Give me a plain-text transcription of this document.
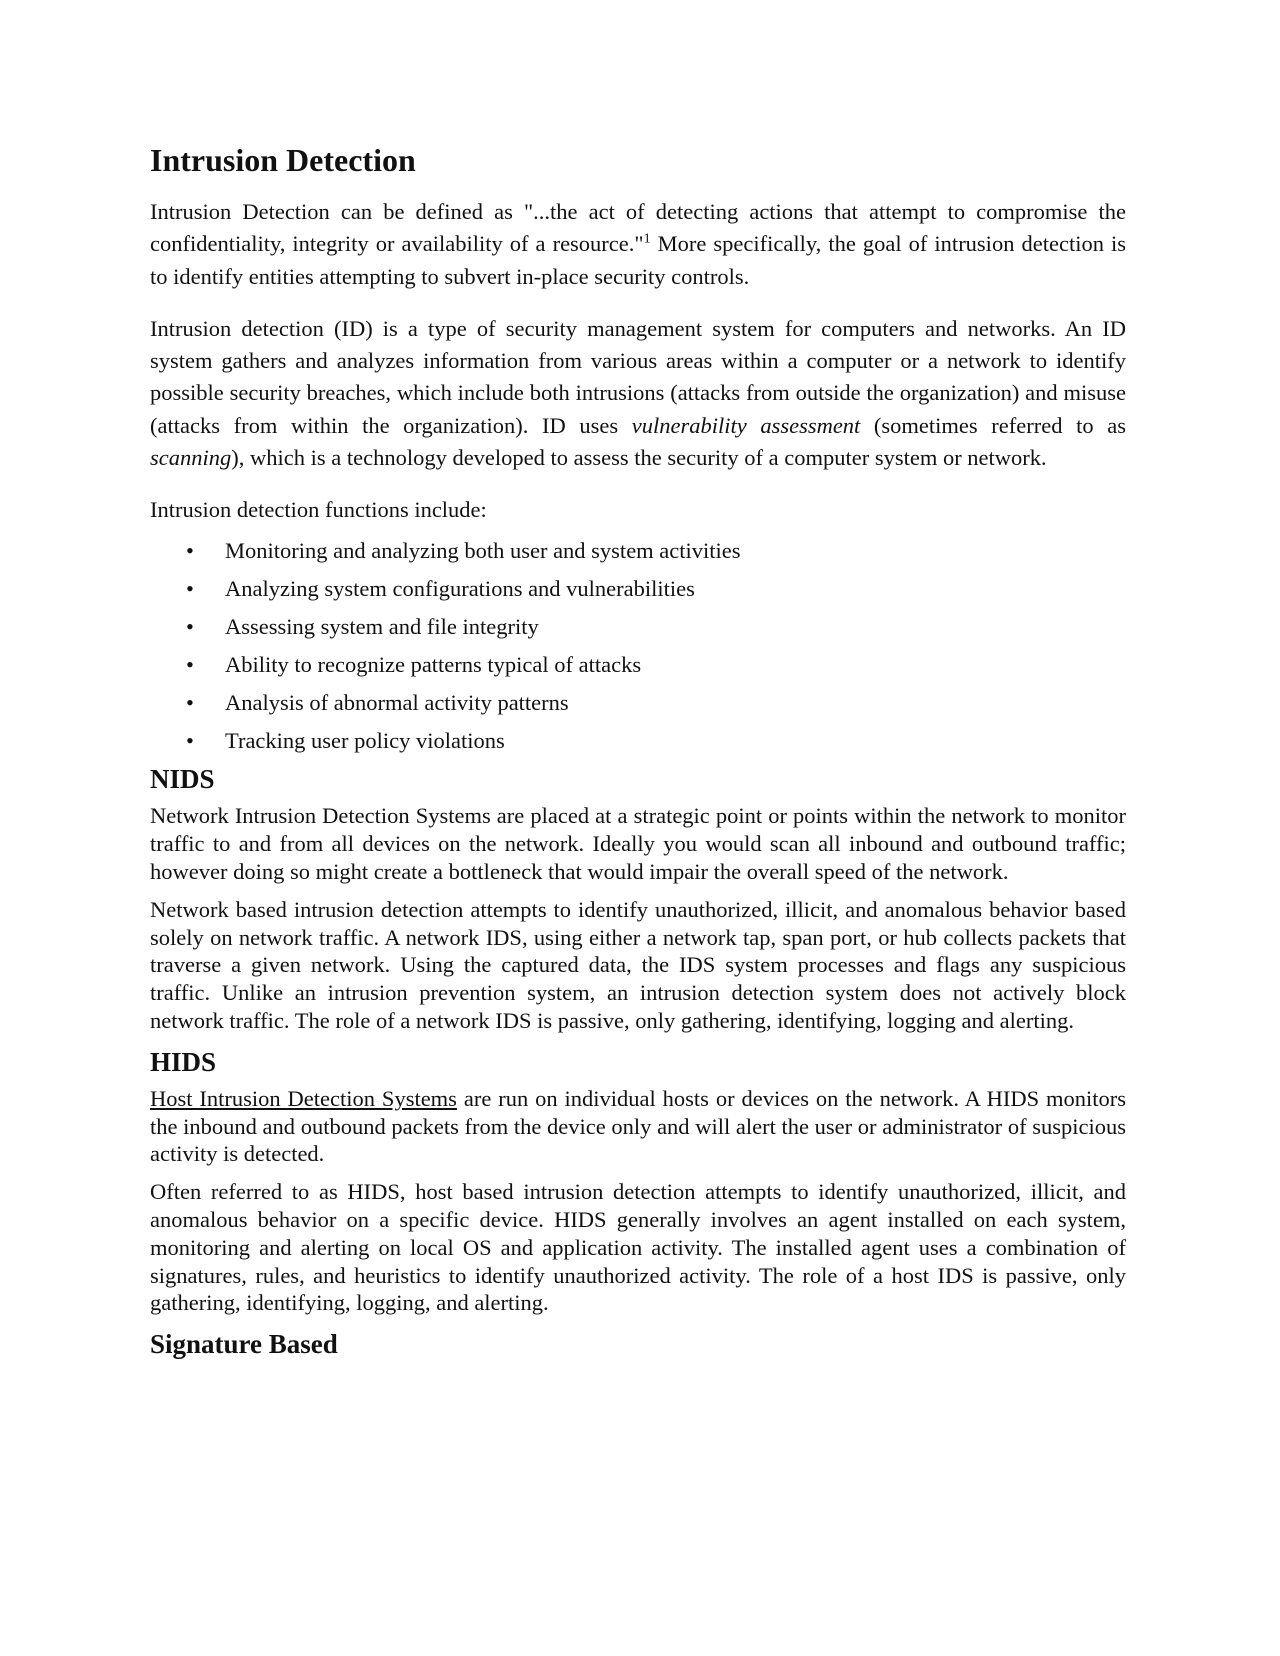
Intrusion Detection

Intrusion Detection can be defined as "...the act of detecting actions that attempt to compromise the confidentiality, integrity or availability of a resource."$^1$ More specifically, the goal of intrusion detection is to identify entities attempting to subvert in-place security controls.

Intrusion detection (ID) is a type of security management system for computers and networks. An ID system gathers and analyzes information from various areas within a computer or a network to identify possible security breaches, which include both intrusions (attacks from outside the organization) and misuse (attacks from within the organization). ID uses vulnerability assessment (sometimes referred to as scanning), which is a technology developed to assess the security of a computer system or network.

Intrusion detection functions include:

• Monitoring and analyzing both user and system activities
• Analyzing system configurations and vulnerabilities
• Assessing system and file integrity
• Ability to recognize patterns typical of attacks
• Analysis of abnormal activity patterns
• Tracking user policy violations
NIDS

Network Intrusion Detection Systems are placed at a strategic point or points within the network to monitor traffic to and from all devices on the network. Ideally you would scan all inbound and outbound traffic; however doing so might create a bottleneck that would impair the overall speed of the network.

Network based intrusion detection attempts to identify unauthorized, illicit, and anomalous behavior based solely on network traffic. A network IDS, using either a network tap, span port, or hub collects packets that traverse a given network. Using the captured data, the IDS system processes and flags any suspicious traffic. Unlike an intrusion prevention system, an intrusion detection system does not actively block network traffic. The role of a network IDS is passive, only gathering, identifying, logging and alerting.

HIDS

Host Intrusion Detection Systems are run on individual hosts or devices on the network. A HIDS monitors the inbound and outbound packets from the device only and will alert the user or administrator of suspicious activity is detected.

Often referred to as HIDS, host based intrusion detection attempts to identify unauthorized, illicit, and anomalous behavior on a specific device. HIDS generally involves an agent installed on each system, monitoring and alerting on local OS and application activity. The installed agent uses a combination of signatures, rules, and heuristics to identify unauthorized activity. The role of a host IDS is passive, only gathering, identifying, logging, and alerting.

Signature Based
